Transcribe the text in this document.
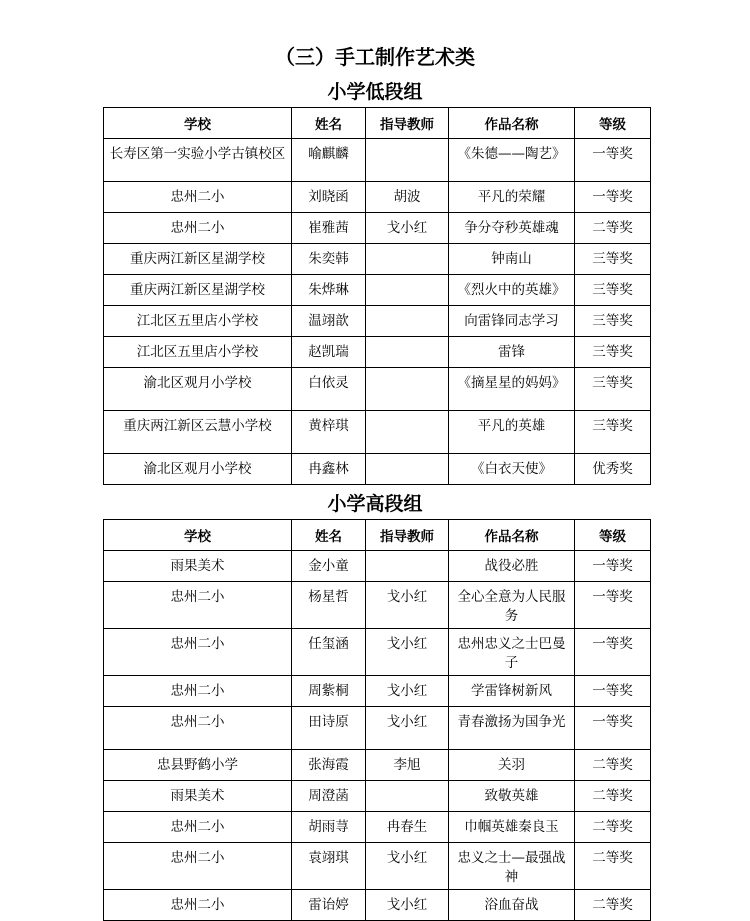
（三）手工制作艺术类
小学低段组
学校	姓名	指导教师	作品名称	等级
长寿区第一实验小学古镇校区	喻麒麟		《朱德——陶艺》	一等奖
忠州二小	刘晓函	胡波	平凡的荣耀	一等奖
忠州二小	崔雅茜	戈小红	争分夺秒英雄魂	二等奖
重庆两江新区星湖学校	朱奕韩		钟南山	三等奖
重庆两江新区星湖学校	朱烨琳		《烈火中的英雄》	三等奖
江北区五里店小学校	温翊歆		向雷锋同志学习	三等奖
江北区五里店小学校	赵凯瑞		雷锋	三等奖
渝北区观月小学校	白依灵		《摘星星的妈妈》	三等奖
重庆两江新区云慧小学校	黄梓琪		平凡的英雄	三等奖
渝北区观月小学校	冉鑫林		《白衣天使》	优秀奖
小学高段组
学校	姓名	指导教师	作品名称	等级
雨果美术	金小童		战役必胜	一等奖
忠州二小	杨星哲	戈小红	全心全意为人民服务	一等奖
忠州二小	任玺涵	戈小红	忠州忠义之士巴曼子	一等奖
忠州二小	周紫桐	戈小红	学雷锋树新风	一等奖
忠州二小	田诗原	戈小红	青春激扬为国争光	一等奖
忠县野鹤小学	张海霞	李旭	关羽	二等奖
雨果美术	周澄菡		致敬英雄	二等奖
忠州二小	胡雨荨	冉春生	巾帼英雄秦良玉	二等奖
忠州二小	袁翊琪	戈小红	忠义之士—最强战神	二等奖
忠州二小	雷诒婷	戈小红	浴血奋战	二等奖
